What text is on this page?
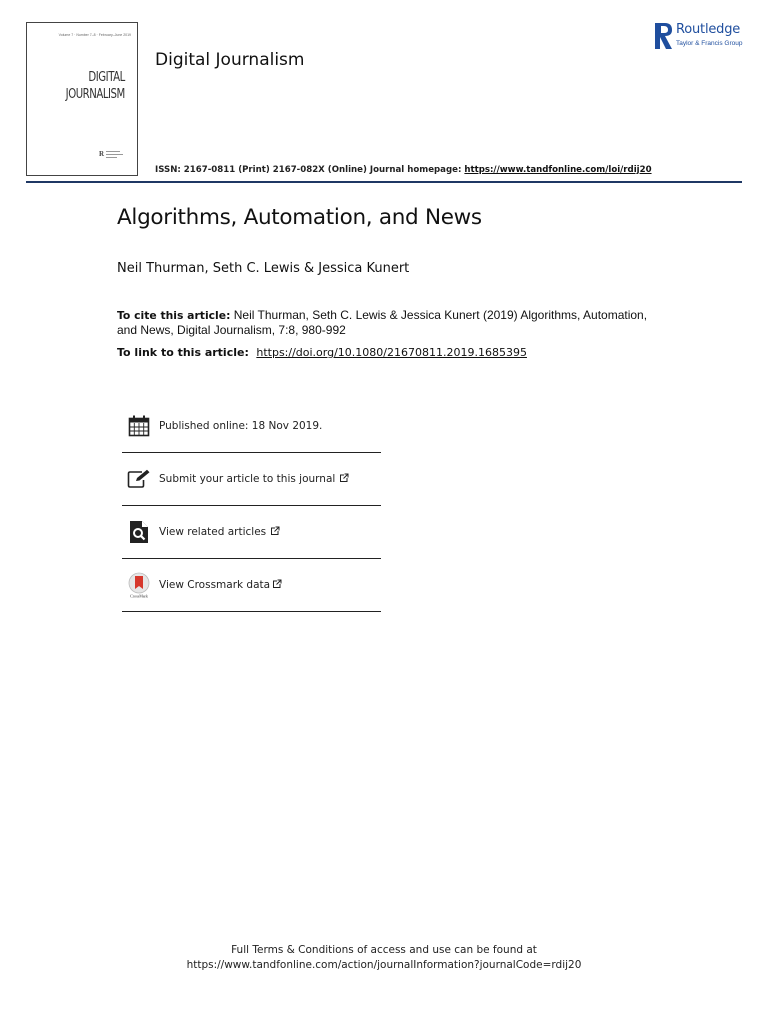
Volume 7 · Number 7–8 · February–June 2019
DIGITAL
JOURNALISM
R
Digital Journalism
ISSN: 2167-0811 (Print) 2167-082X (Online) Journal homepage: https://www.tandfonline.com/loi/rdij20
Routledge
Taylor & Francis Group
Algorithms, Automation, and News
Neil Thurman, Seth C. Lewis & Jessica Kunert
To cite this article: Neil Thurman, Seth C. Lewis & Jessica Kunert (2019) Algorithms, Automation, and News, Digital Journalism, 7:8, 980-992
To link to this article: https://doi.org/10.1080/21670811.2019.1685395
Published online: 18 Nov 2019.
Submit your article to this journal
View related articles
CrossMark
View Crossmark data
Full Terms & Conditions of access and use can be found at
https://www.tandfonline.com/action/journalInformation?journalCode=rdij20
